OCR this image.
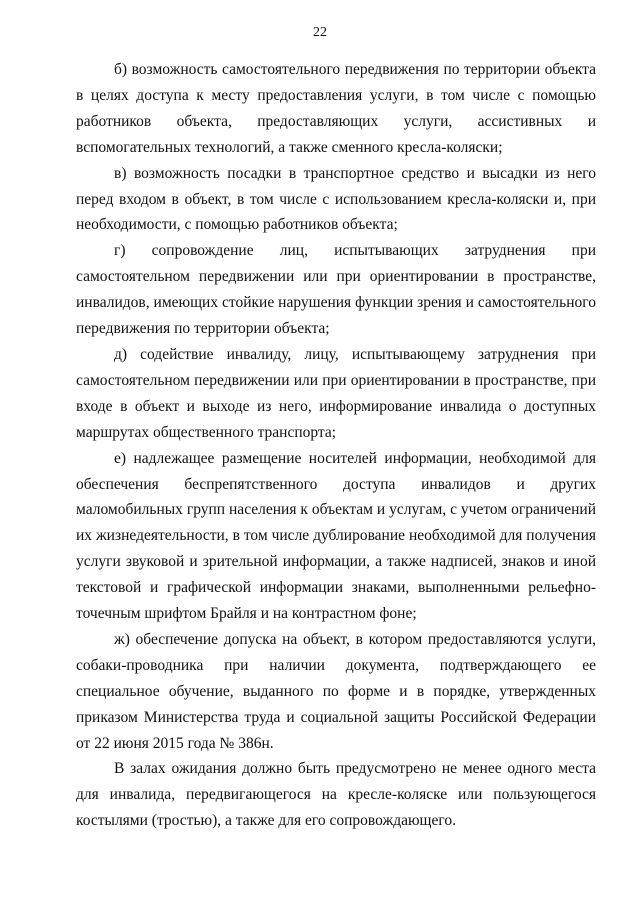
22

б) возможность самостоятельного передвижения по территории объекта в целях доступа к месту предоставления услуги, в том числе с помощью работников объекта, предоставляющих услуги, ассистивных и вспомогательных технологий, а также сменного кресла-коляски;

в) возможность посадки в транспортное средство и высадки из него перед входом в объект, в том числе с использованием кресла-коляски и, при необходимости, с помощью работников объекта;

г) сопровождение лиц, испытывающих затруднения при самостоятельном передвижении или при ориентировании в пространстве, инвалидов, имеющих стойкие нарушения функции зрения и самостоятельного передвижения по территории объекта;

д) содействие инвалиду, лицу, испытывающему затруднения при самостоятельном передвижении или при ориентировании в пространстве, при входе в объект и выходе из него, информирование инвалида о доступных маршрутах общественного транспорта;

е) надлежащее размещение носителей информации, необходимой для обеспечения беспрепятственного доступа инвалидов и других маломобильных групп населения к объектам и услугам, с учетом ограничений их жизнедеятельности, в том числе дублирование необходимой для получения услуги звуковой и зрительной информации, а также надписей, знаков и иной текстовой и графической информации знаками, выполненными рельефно-точечным шрифтом Брайля и на контрастном фоне;

ж) обеспечение допуска на объект, в котором предоставляются услуги, собаки-проводника при наличии документа, подтверждающего ее специальное обучение, выданного по форме и в порядке, утвержденных приказом Министерства труда и социальной защиты Российской Федерации от 22 июня 2015 года № 386н.

В залах ожидания должно быть предусмотрено не менее одного места для инвалида, передвигающегося на кресле-коляске или пользующегося костылями (тростью), а также для его сопровождающего.
